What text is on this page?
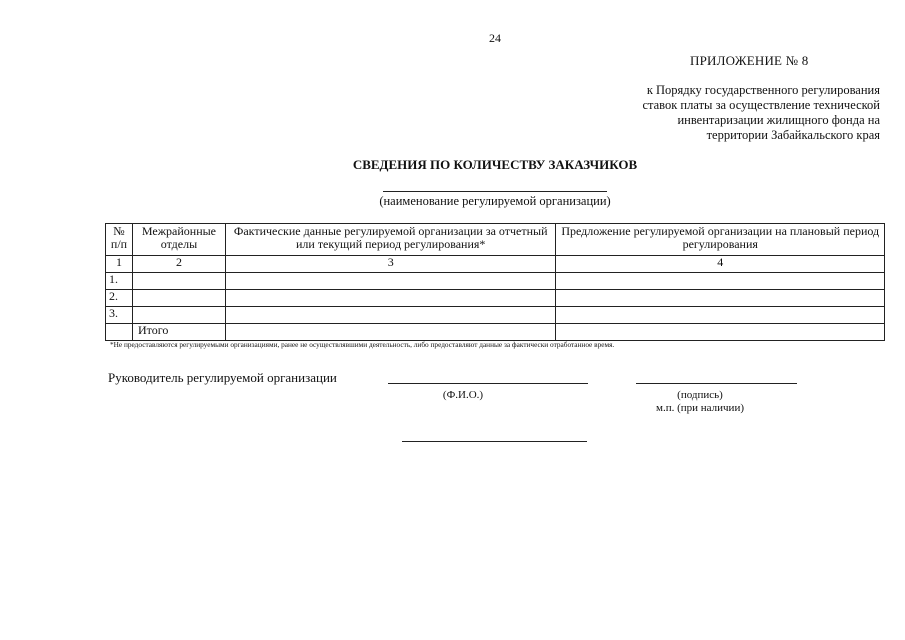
24
ПРИЛОЖЕНИЕ № 8
к Порядку государственного регулирования
ставок платы за осуществление технической
инвентаризации жилищного фонда на
территории Забайкальского края
СВЕДЕНИЯ ПО КОЛИЧЕСТВУ ЗАКАЗЧИКОВ
(наименование регулируемой организации)
№ п/п	Межрайонные отделы	Фактические данные регулируемой организации за отчетный или текущий период регулирования*	Предложение регулируемой организации на плановый период регулирования
1	2	3	4
1.			
2.			
3.			
	Итого		
*Не предоставляются регулируемыми организациями, ранее не осуществлявшими деятельность, либо предоставляют данные за фактически отработанное время.
Руководитель регулируемой организации
(Ф.И.О.)	(подпись)
м.п. (при наличии)
